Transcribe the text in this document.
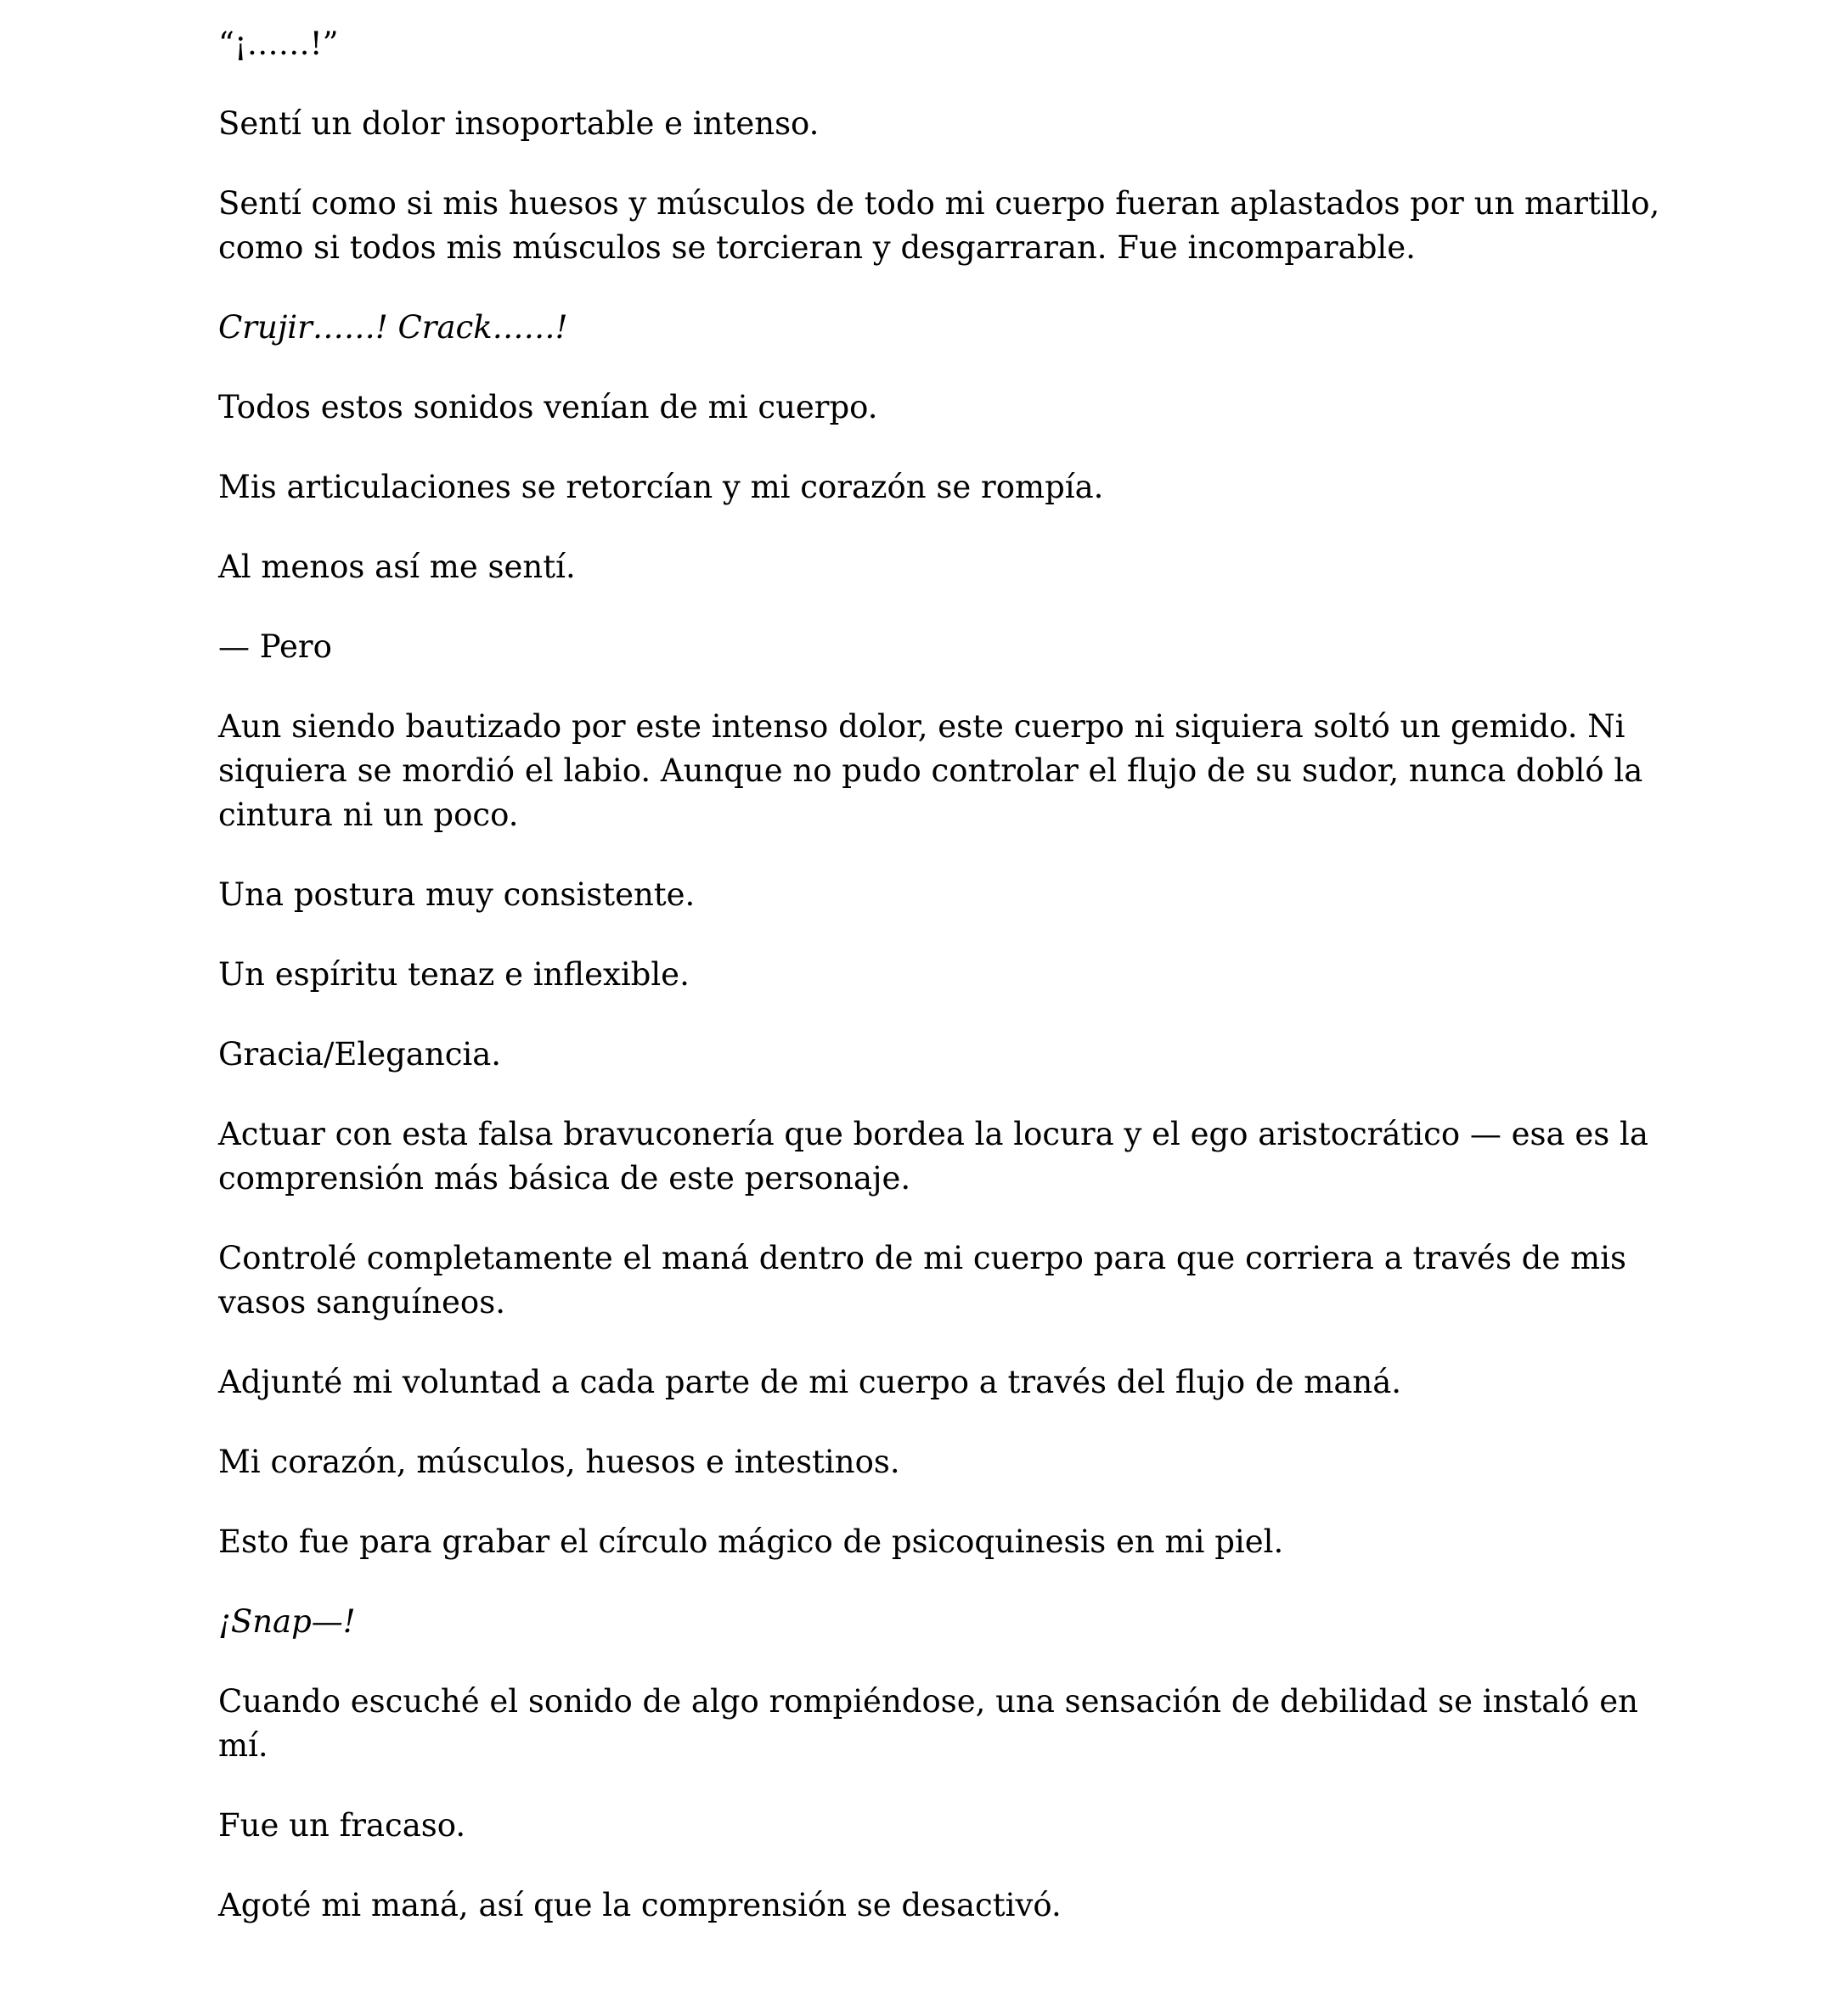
“¡……!”

Sentí un dolor insoportable e intenso.

Sentí como si mis huesos y músculos de todo mi cuerpo fueran aplastados por un martillo, como si todos mis músculos se torcieran y desgarraran. Fue incomparable.

Crujir……! Crack……!

Todos estos sonidos venían de mi cuerpo.

Mis articulaciones se retorcían y mi corazón se rompía.

Al menos así me sentí.

— Pero

Aun siendo bautizado por este intenso dolor, este cuerpo ni siquiera soltó un gemido. Ni siquiera se mordió el labio. Aunque no pudo controlar el flujo de su sudor, nunca dobló la cintura ni un poco.

Una postura muy consistente.

Un espíritu tenaz e inflexible.

Gracia/Elegancia.

Actuar con esta falsa bravuconería que bordea la locura y el ego aristocrático — esa es la comprensión más básica de este personaje.

Controlé completamente el maná dentro de mi cuerpo para que corriera a través de mis vasos sanguíneos.

Adjunté mi voluntad a cada parte de mi cuerpo a través del flujo de maná.

Mi corazón, músculos, huesos e intestinos.

Esto fue para grabar el círculo mágico de psicoquinesis en mi piel.

¡Snap—!

Cuando escuché el sonido de algo rompiéndose, una sensación de debilidad se instaló en mí.

Fue un fracaso.

Agoté mi maná, así que la comprensión se desactivó.
